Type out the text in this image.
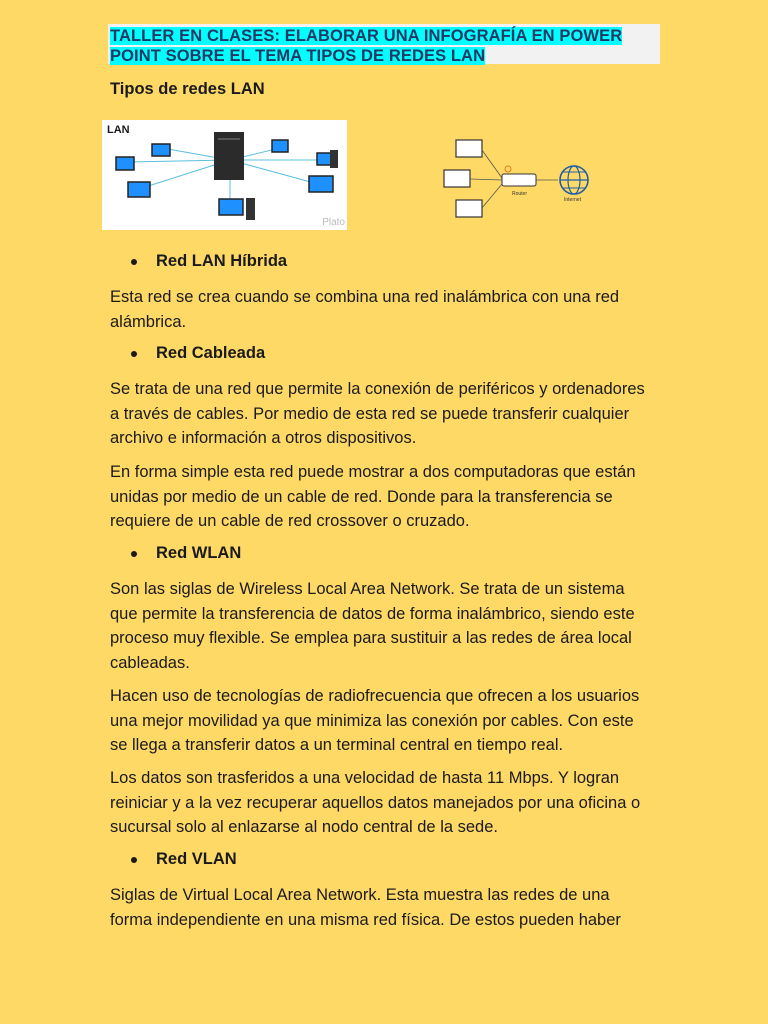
TALLER EN CLASES: ELABORAR UNA INFOGRAFÍA EN POWER
POINT SOBRE EL TEMA TIPOS DE REDES LAN
Tipos de redes LAN
LAN
Plato
Router
Internet
Red LAN Híbrida
Esta red se crea cuando se combina una red inalámbrica con una red alámbrica.
Red Cableada
Se trata de una red que permite la conexión de periféricos y ordenadores a través de cables. Por medio de esta red se puede transferir cualquier archivo e información a otros dispositivos.
En forma simple esta red puede mostrar a dos computadoras que están unidas por medio de un cable de red. Donde para la transferencia se requiere de un cable de red crossover o cruzado.
Red WLAN
Son las siglas de Wireless Local Area Network. Se trata de un sistema que permite la transferencia de datos de forma inalámbrico, siendo este proceso muy flexible. Se emplea para sustituir a las redes de área local cableadas.
Hacen uso de tecnologías de radiofrecuencia que ofrecen a los usuarios una mejor movilidad ya que minimiza las conexión por cables. Con este se llega a transferir datos a un terminal central en tiempo real.
Los datos son trasferidos a una velocidad de hasta 11 Mbps. Y logran reiniciar y a la vez recuperar aquellos datos manejados por una oficina o sucursal solo al enlazarse al nodo central de la sede.
Red VLAN
Siglas de Virtual Local Area Network. Esta muestra las redes de una forma independiente en una misma red física. De estos pueden haber
